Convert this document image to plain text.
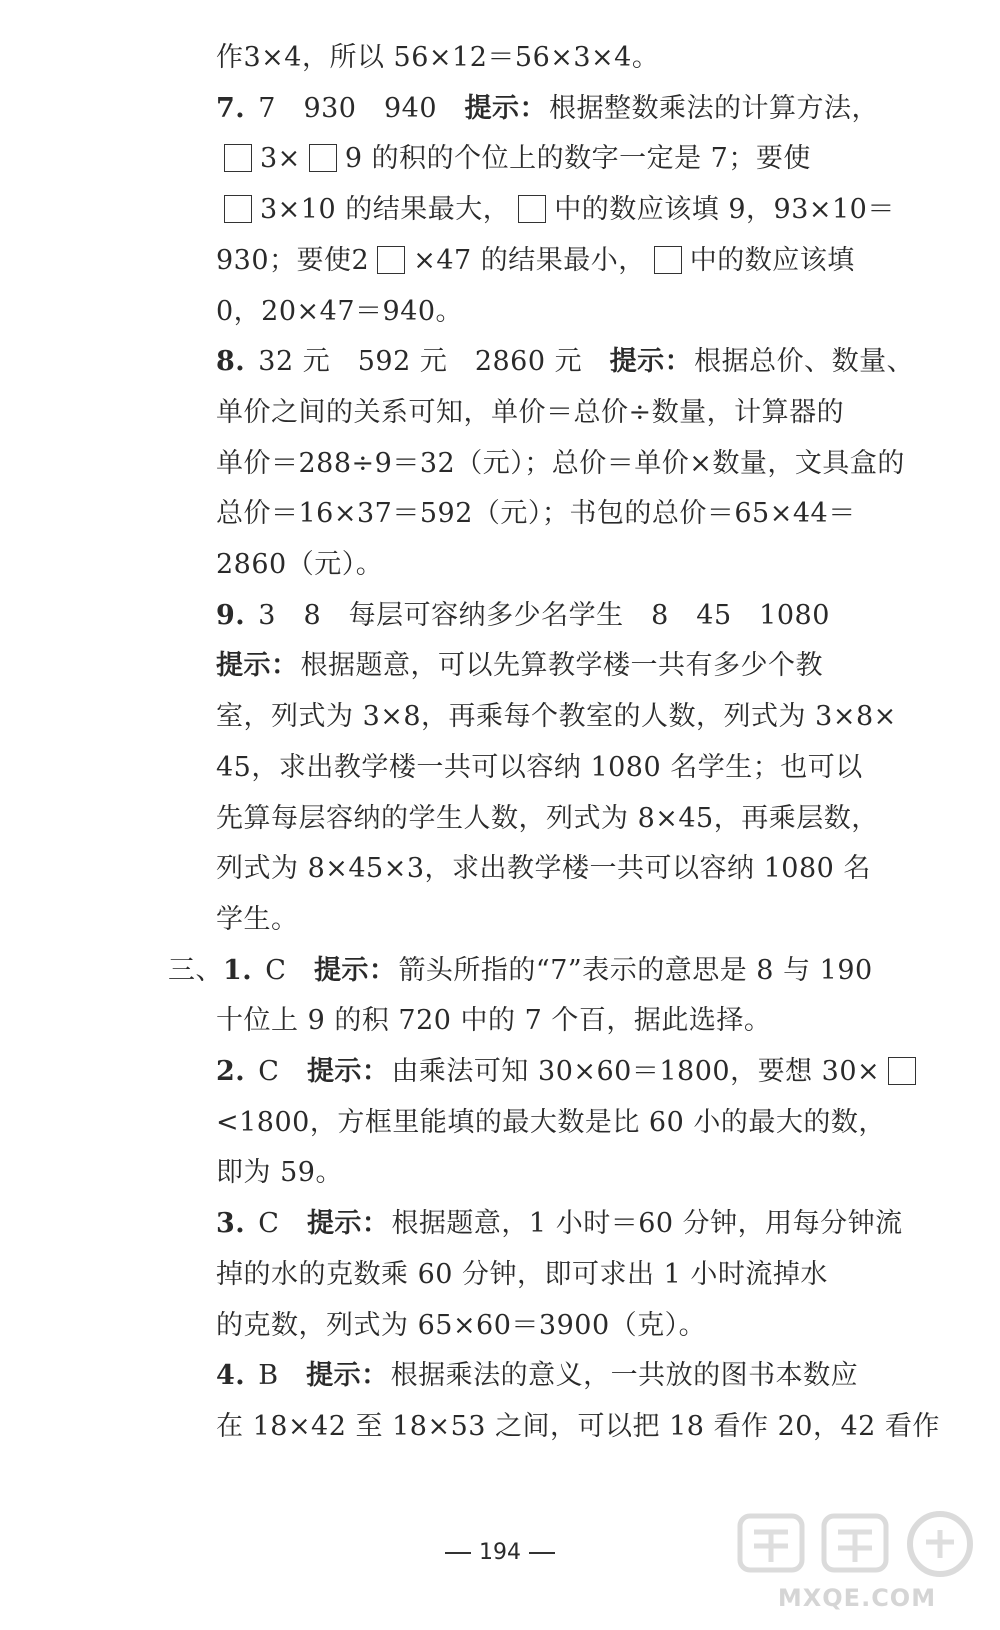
作3×4，所以 56×12＝56×3×4。
7. 7　930　940　提示：根据整数乘法的计算方法，
3× 9 的积的个位上的数字一定是 7；要使
3×10 的结果最大， 中的数应该填 9，93×10＝
930；要使2 ×47 的结果最小， 中的数应该填
0，20×47＝940。
8. 32 元　592 元　2860 元　提示：根据总价、数量、
单价之间的关系可知，单价＝总价÷数量，计算器的
单价＝288÷9＝32（元）；总价＝单价×数量，文具盒的
总价＝16×37＝592（元）；书包的总价＝65×44＝
2860（元）。
9. 3　8　每层可容纳多少名学生　8　45　1080
提示：根据题意，可以先算教学楼一共有多少个教
室，列式为 3×8，再乘每个教室的人数，列式为 3×8×
45，求出教学楼一共可以容纳 1080 名学生；也可以
先算每层容纳的学生人数，列式为 8×45，再乘层数，
列式为 8×45×3，求出教学楼一共可以容纳 1080 名
学生。
三、1. C　提示：箭头所指的“7”表示的意思是 8 与 190
十位上 9 的积 720 中的 7 个百，据此选择。
2. C　提示：由乘法可知 30×60＝1800，要想 30×
<1800，方框里能填的最大数是比 60 小的最大的数，
即为 59。
3. C　提示：根据题意，1 小时＝60 分钟，用每分钟流
掉的水的克数乘 60 分钟，即可求出 1 小时流掉水
的克数，列式为 65×60＝3900（克）。
4. B　提示：根据乘法的意义，一共放的图书本数应
在 18×42 至 18×53 之间，可以把 18 看作 20，42 看作
194
MXQE.COM
